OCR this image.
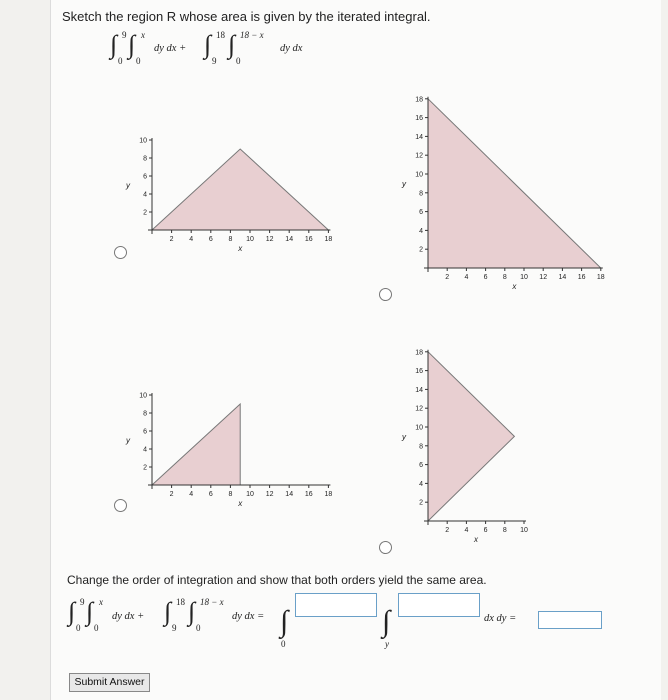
Sketch the region R whose area is given by the iterated integral.
∫ 9
0
∫ x
0
dy dx + ∫ 18
9
∫ 18 − x
0
dy dx
2 4 6 8 10 12 14 16 18
2
4
6
8
10
x
y
2 4 6 8 10 12 14 16 18
2
4
6
8
10
12
14
16
18
x
y
2 4 6 8 10 12 14 16 18
2
4
6
8
10
x
y
2 4 6 8 10
2
4
6
8
10
12
14
16
18
x
y
Change the order of integration and show that both orders yield the same area.
∫ 9
0
∫ x
0
dy dx + ∫ 18
9
∫ 18 − x
0
dy dx = ∫
0
∫
y
dx dy =
Submit Answer
